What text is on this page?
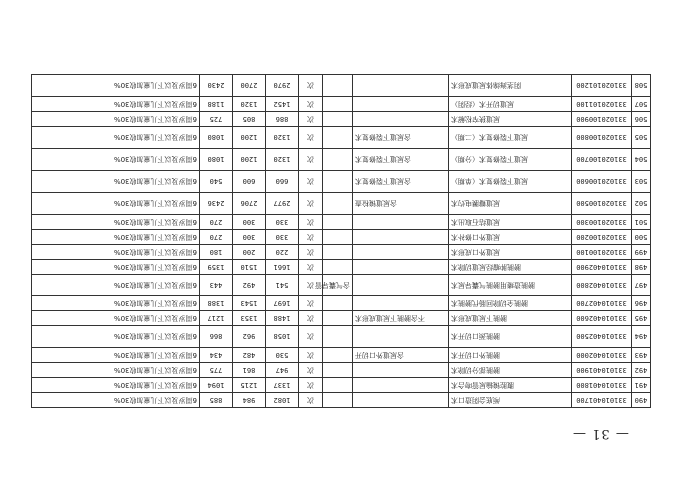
— 31 —
490	331010401700	颅底会阴造口术			次	1082	984	885	6周岁及以下儿童加收30%
491	331010401800	腹腔镜输尿管吻合术			次	1337	1215	1094	6周岁及以下儿童加收30%
492	331010401900	膀胱部分切除术			次	947	861	775	6周岁及以下儿童加收30%
493	331010402000	膀胱外口切开术	含尿道外口切开		次	530	482	434	6周岁及以下儿童加收30%
494	331010402500	膀胱颈口切开术			次	1058	962	866	6周岁及以下儿童加收30%
495	331010402600	膀胱下尿道成形术	不含膀胱下尿道成形术		次	1488	1353	1217	6周岁及以下儿童加收30%
496	331010402700	膀胱全切除回肠代膀胱术			次	1697	1543	1388	6周岁及以下儿童加收30%
497	331010402800	膀胱造瘘用膀胱气囊导尿术		含气囊导管	次	541	492	443	6周岁及以下儿童加收30%
498	331010402900	膀胱肿瘤经尿道切除术			次	1661	1510	1359	6周岁及以下儿童加收30%
499	331020100100	尿道外口成形术			次	220	200	180	6周岁及以下儿童加收30%
500	331020100200	尿道外口修补术			次	330	300	270	6周岁及以下儿童加收30%
501	331020100300	尿道结石取出术			次	330	300	270	6周岁及以下儿童加收30%
502	331020100500	尿道瓣膜电灼术	含尿道镜检查		次	2977	2706	2436	6周岁及以下儿童加收30%
503	331020100600	尿道下裂修复术（单期）	含尿道下裂修复术		次	660	600	540	6周岁及以下儿童加收30%
504	331020100700	尿道下裂修复术（分期）	含尿道下裂修复术		次	1320	1200	1080	6周岁及以下儿童加收30%
505	331020100800	尿道下裂修复术（二期）	含尿道下裂修复术		次	1320	1200	1080	6周岁及以下儿童加收30%
506	331020100900	尿道狭窄松解术			次	886	805	725	6周岁及以下儿童加收30%
507	331020101100	尿道切开术（经阴）			次	1452	1320	1188	6周岁及以下儿童加收30%
508	331020101200	阴茎海绵体尿道成形术			次	2970	2700	2430	6周岁及以下儿童加收30%
